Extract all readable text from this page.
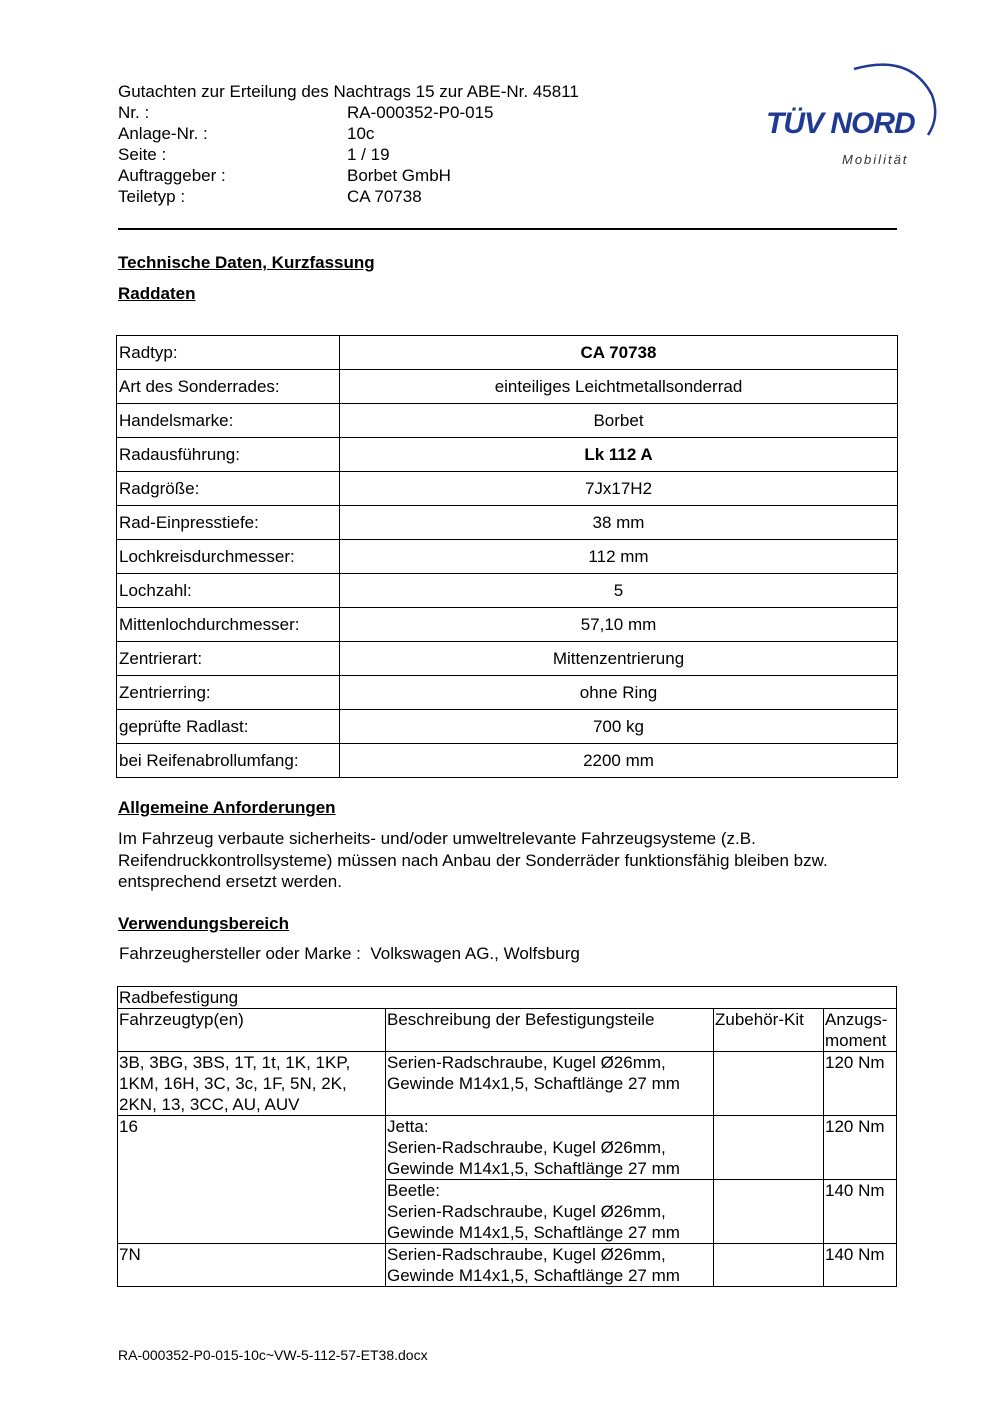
Gutachten zur Erteilung des Nachtrags 15 zur ABE-Nr. 45811
Nr. :	RA-000352-P0-015
Anlage-Nr. :	10c
Seite :	1 / 19
Auftraggeber :	Borbet GmbH
Teiletyp :	CA 70738
TÜV NORD
Mobilität
Technische Daten, Kurzfassung
Raddaten
Radtyp:	CA 70738
Art des Sonderrades:	einteiliges Leichtmetallsonderrad
Handelsmarke:	Borbet
Radausführung:	Lk 112 A
Radgröße:	7Jx17H2
Rad-Einpresstiefe:	38 mm
Lochkreisdurchmesser:	112 mm
Lochzahl:	5
Mittenlochdurchmesser:	57,10 mm
Zentrierart:	Mittenzentrierung
Zentrierring:	ohne Ring
geprüfte Radlast:	700 kg
bei Reifenabrollumfang:	2200 mm
Allgemeine Anforderungen
Im Fahrzeug verbaute sicherheits- und/oder umweltrelevante Fahrzeugsysteme (z.B. Reifendruckkontrollsysteme) müssen nach Anbau der Sonderräder funktionsfähig bleiben bzw. entsprechend ersetzt werden.
Verwendungsbereich
Fahrzeughersteller oder Marke : Volkswagen AG., Wolfsburg
Radbefestigung			
Fahrzeugtyp(en)	Beschreibung der Befestigungsteile	Zubehör-Kit	Anzugs-
moment
3B, 3BG, 3BS, 1T, 1t, 1K, 1KP, 1KM, 16H, 3C, 3c, 1F, 5N, 2K, 2KN, 13, 3CC, AU, AUV	Serien-Radschraube, Kugel Ø26mm,
Gewinde M14x1,5, Schaftlänge 27 mm		120 Nm
16	Jetta:
Serien-Radschraube, Kugel Ø26mm,
Gewinde M14x1,5, Schaftlänge 27 mm		120 Nm
	Beetle:
Serien-Radschraube, Kugel Ø26mm,
Gewinde M14x1,5, Schaftlänge 27 mm		140 Nm
7N	Serien-Radschraube, Kugel Ø26mm,
Gewinde M14x1,5, Schaftlänge 27 mm		140 Nm
RA-000352-P0-015-10c~VW-5-112-57-ET38.docx
